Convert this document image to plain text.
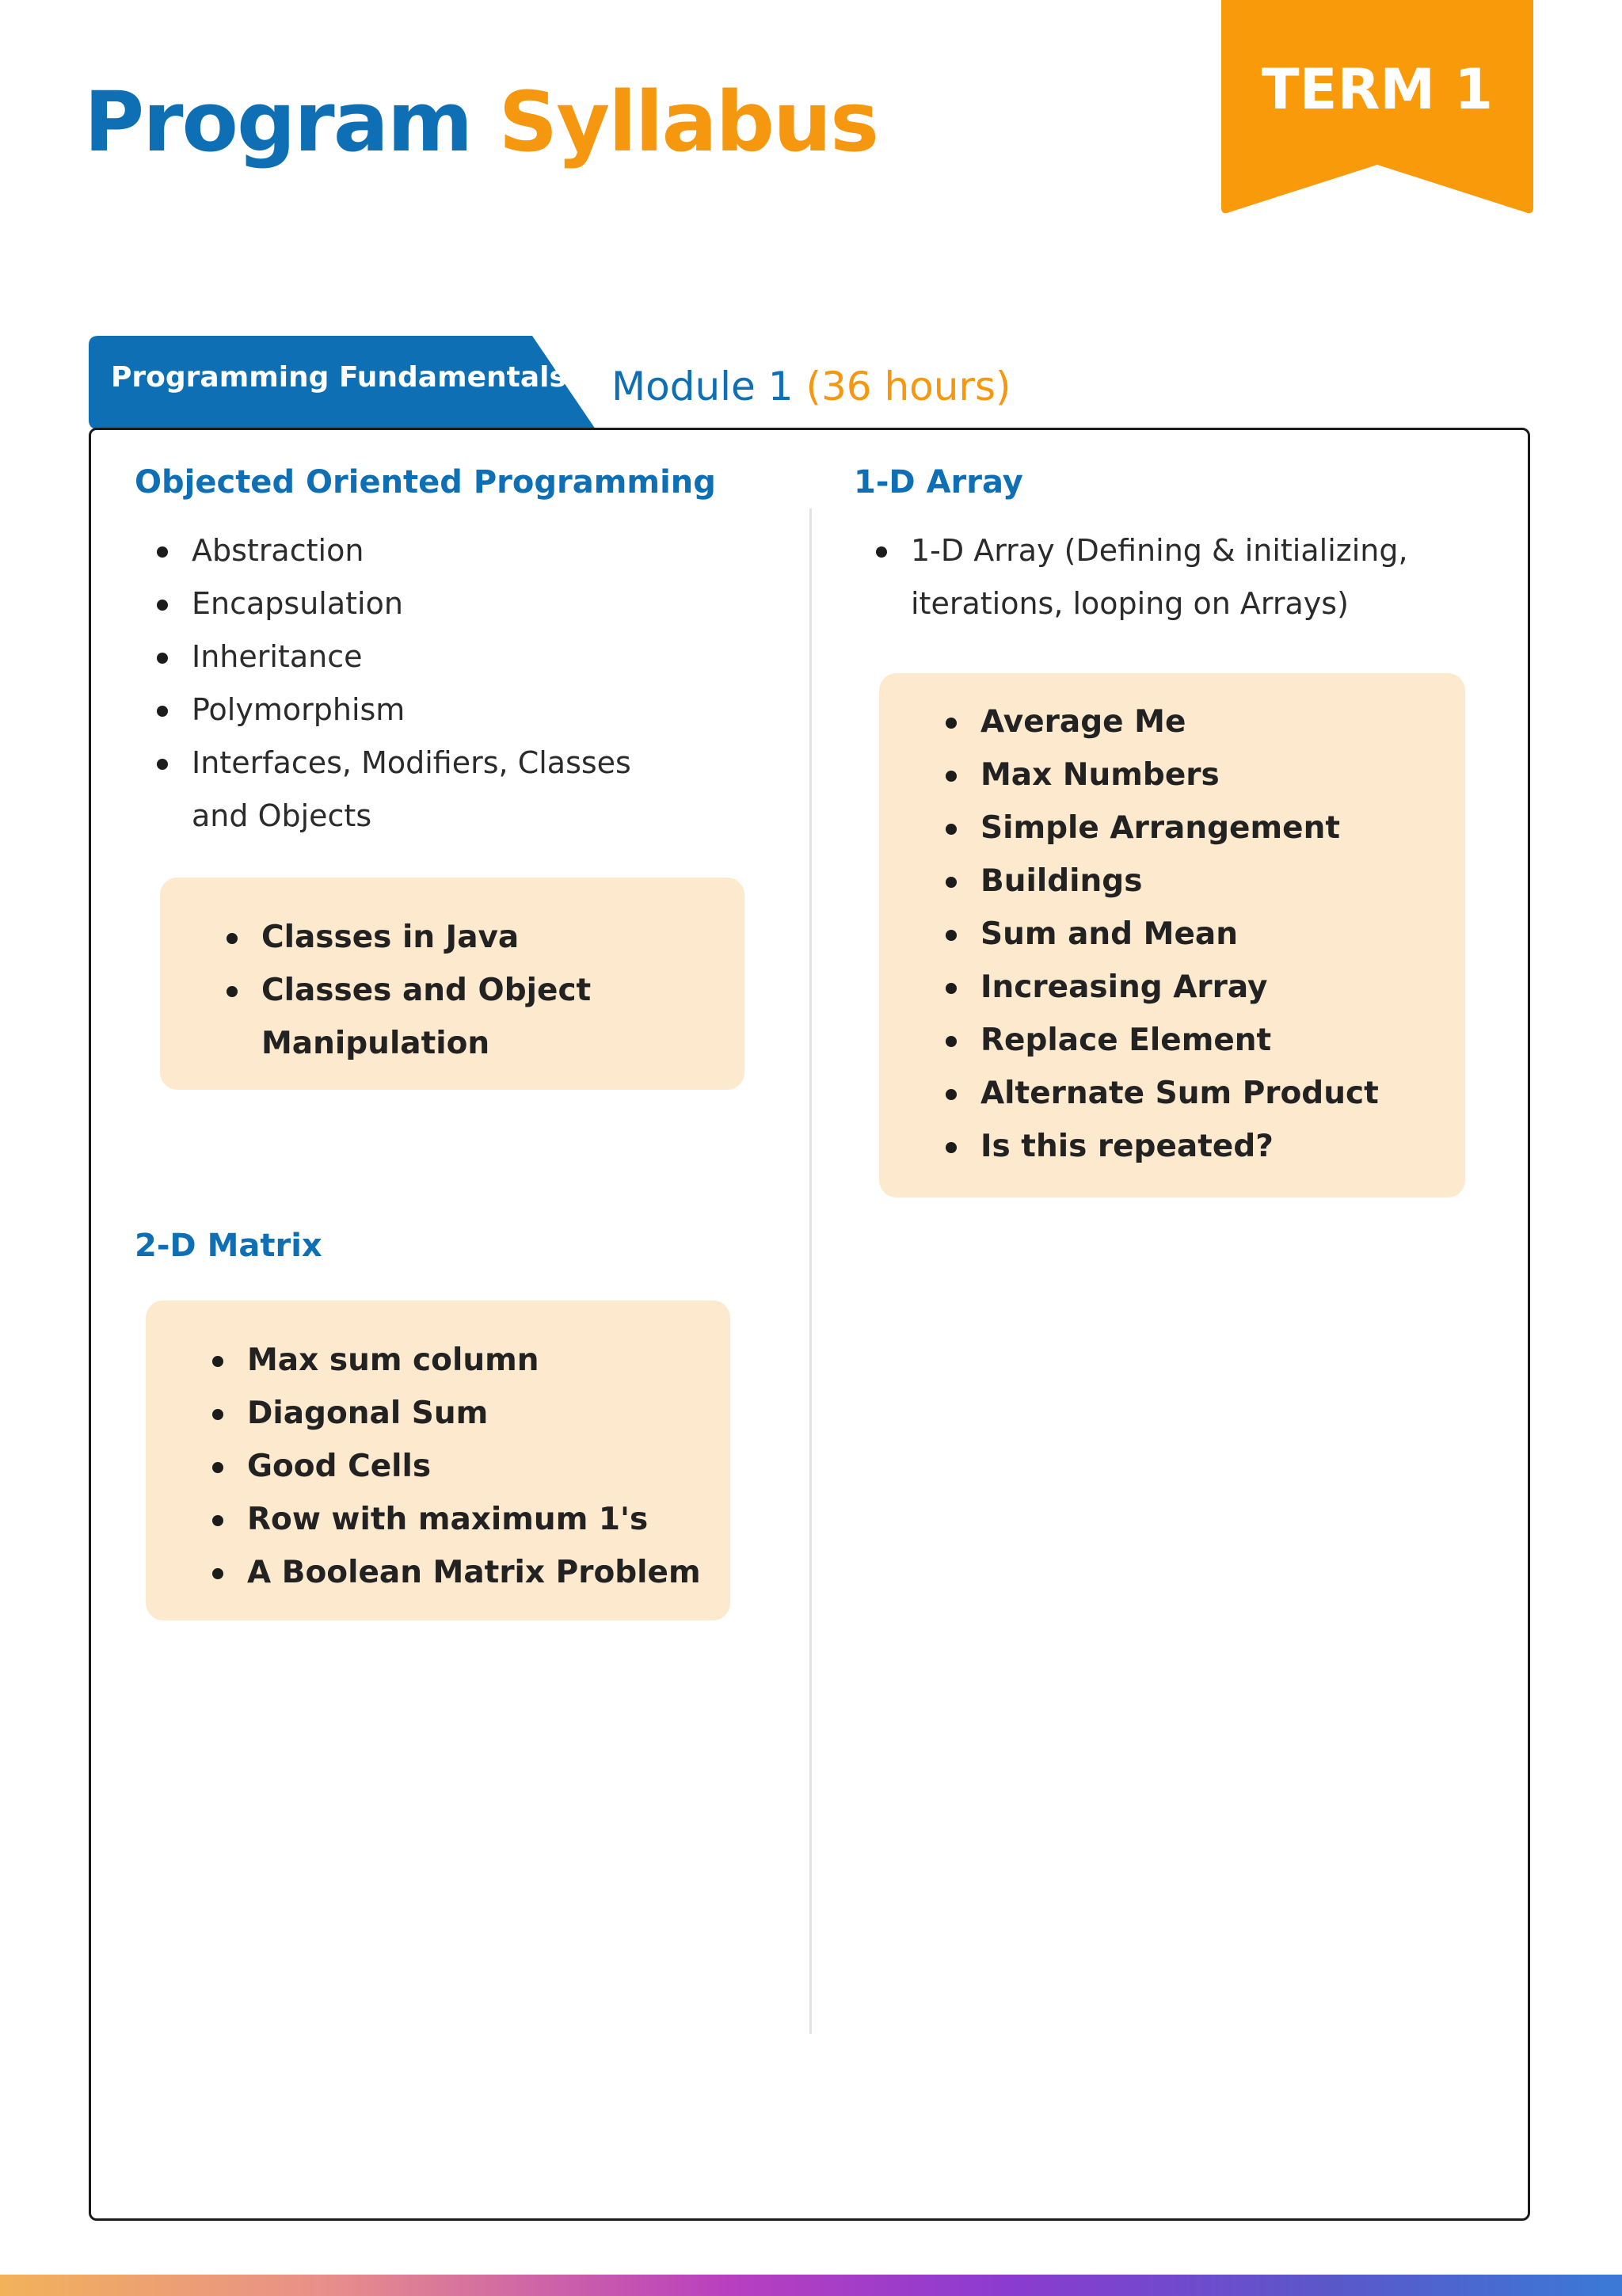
Program Syllabus	TERM 1
Programming Fundamentals	Module 1 (36 hours)
Objected Oriented Programming
Abstraction
Encapsulation
Inheritance
Polymorphism
Interfaces, Modifiers, Classes and Objects
Classes in Java
Classes and Object Manipulation
2-D Matrix
Max sum column
Diagonal Sum
Good Cells
Row with maximum 1's
A Boolean Matrix Problem
1-D Array
1-D Array (Defining & initializing, iterations, looping on Arrays)
Average Me
Max Numbers
Simple Arrangement
Buildings
Sum and Mean
Increasing Array
Replace Element
Alternate Sum Product
Is this repeated?
